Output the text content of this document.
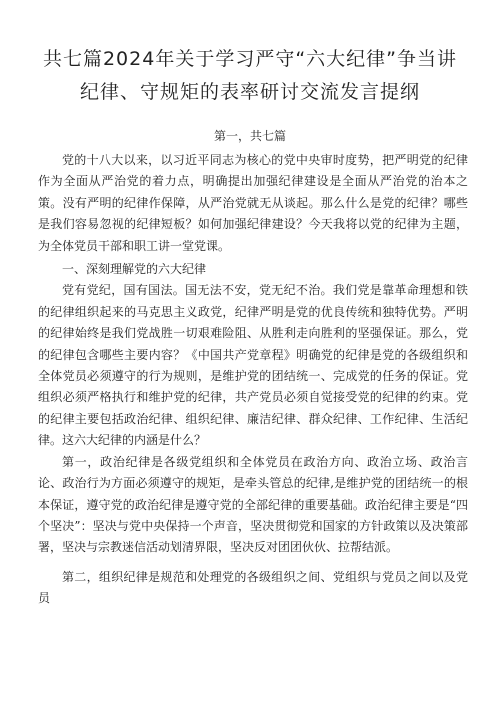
共七篇2024年关于学习严守“六大纪律”争当讲
纪律、守规矩的表率研讨交流发言提纲
第一，共七篇

党的十八大以来，以习近平同志为核心的党中央审时度势，把严明党的纪律作为全面从严治党的着力点，明确提出加强纪律建设是全面从严治党的治本之策。没有严明的纪律作保障，从严治党就无从谈起。那么什么是党的纪律？哪些是我们容易忽视的纪律短板？如何加强纪律建设？今天我将以党的纪律为主题，为全体党员干部和职工讲一堂党课。

一、深刻理解党的六大纪律

党有党纪，国有国法。国无法不安，党无纪不治。我们党是靠革命理想和铁的纪律组织起来的马克思主义政党，纪律严明是党的优良传统和独特优势。严明的纪律始终是我们党战胜一切艰难险阻、从胜利走向胜利的坚强保证。那么，党的纪律包含哪些主要内容？《中国共产党章程》明确党的纪律是党的各级组织和全体党员必须遵守的行为规则，是维护党的团结统一、完成党的任务的保证。党组织必须严格执行和维护党的纪律，共产党员必须自觉接受党的纪律的约束。党的纪律主要包括政治纪律、组织纪律、廉洁纪律、群众纪律、工作纪律、生活纪律。这六大纪律的内涵是什么？

第一，政治纪律是各级党组织和全体党员在政治方向、政治立场、政治言论、政治行为方面必须遵守的规矩，是牵头管总的纪律,是维护党的团结统一的根本保证，遵守党的政治纪律是遵守党的全部纪律的重要基础。政治纪律主要是“四个坚决”：坚决与党中央保持一个声音，坚决贯彻党和国家的方针政策以及决策部署，坚决与宗教迷信活动划清界限，坚决反对团团伙伙、拉帮结派。

第二，组织纪律是规范和处理党的各级组织之间、党组织与党员之间以及党员
